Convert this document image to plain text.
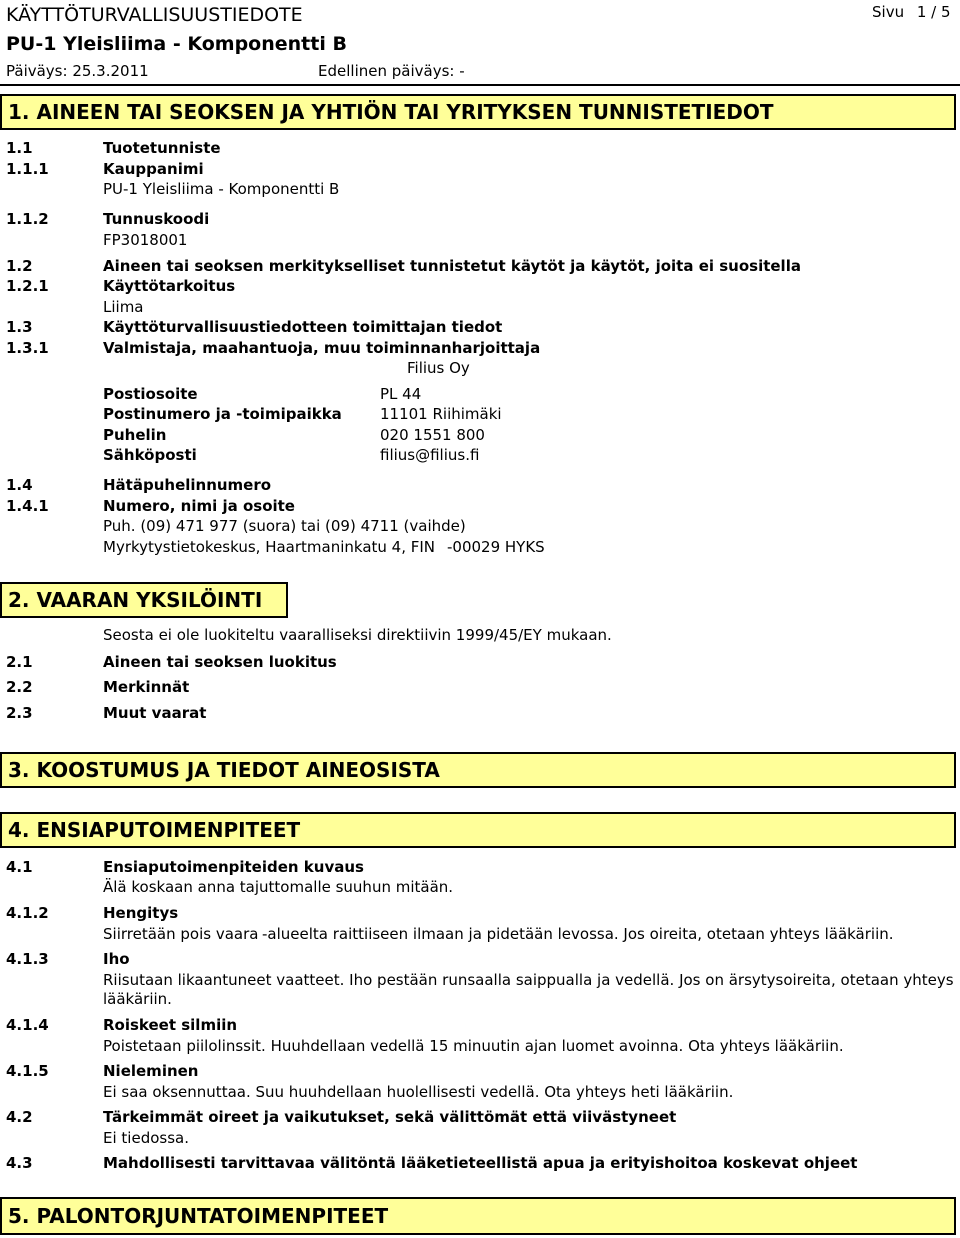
KÄYTTÖTURVALLISUUSTIEDOTE	Sivu 1 / 5
PU-1 Yleisliima - Komponentti B
Päiväys: 25.3.2011	Edellinen päiväys: -
1. AINEEN TAI SEOKSEN JA YHTIÖN TAI YRITYKSEN TUNNISTETIEDOT
1.1	Tuotetunniste
1.1.1	Kauppanimi
PU-1 Yleisliima - Komponentti B
1.1.2	Tunnuskoodi
FP3018001
1.2	Aineen tai seoksen merkitykselliset tunnistetut käytöt ja käytöt, joita ei suositella
1.2.1	Käyttötarkoitus
Liima
1.3	Käyttöturvallisuustiedotteen toimittajan tiedot
1.3.1	Valmistaja, maahantuoja, muu toiminnanharjoittaja
Filius Oy
Postiosoite	PL 44
Postinumero ja -toimipaikka	11101 Riihimäki
Puhelin	020 1551 800
Sähköposti	filius@filius.fi
1.4	Hätäpuhelinnumero
1.4.1	Numero, nimi ja osoite
Puh. (09) 471 977 (suora) tai (09) 4711 (vaihde)
Myrkytystietokeskus, Haartmaninkatu 4, FIN -00029 HYKS
2. VAARAN YKSILÖINTI
Seosta ei ole luokiteltu vaaralliseksi direktiivin 1999/45/EY mukaan.
2.1	Aineen tai seoksen luokitus
2.2	Merkinnät
2.3	Muut vaarat
3. KOOSTUMUS JA TIEDOT AINEOSISTA
4. ENSIAPUTOIMENPITEET
4.1	Ensiaputoimenpiteiden kuvaus
Älä koskaan anna tajuttomalle suuhun mitään.
4.1.2	Hengitys
Siirretään pois vaara -alueelta raittiiseen ilmaan ja pidetään levossa. Jos oireita, otetaan yhteys lääkäriin.
4.1.3	Iho
Riisutaan likaantuneet vaatteet. Iho pestään runsaalla saippualla ja vedellä. Jos on ärsytysoireita, otetaan yhteys
lääkäriin.
4.1.4	Roiskeet silmiin
Poistetaan piilolinssit. Huuhdellaan vedellä 15 minuutin ajan luomet avoinna. Ota yhteys lääkäriin.
4.1.5	Nieleminen
Ei saa oksennuttaa. Suu huuhdellaan huolellisesti vedellä. Ota yhteys heti lääkäriin.
4.2	Tärkeimmät oireet ja vaikutukset, sekä välittömät että viivästyneet
Ei tiedossa.
4.3	Mahdollisesti tarvittavaa välitöntä lääketieteellistä apua ja erityishoitoa koskevat ohjeet
5. PALONTORJUNTATOIMENPITEET
